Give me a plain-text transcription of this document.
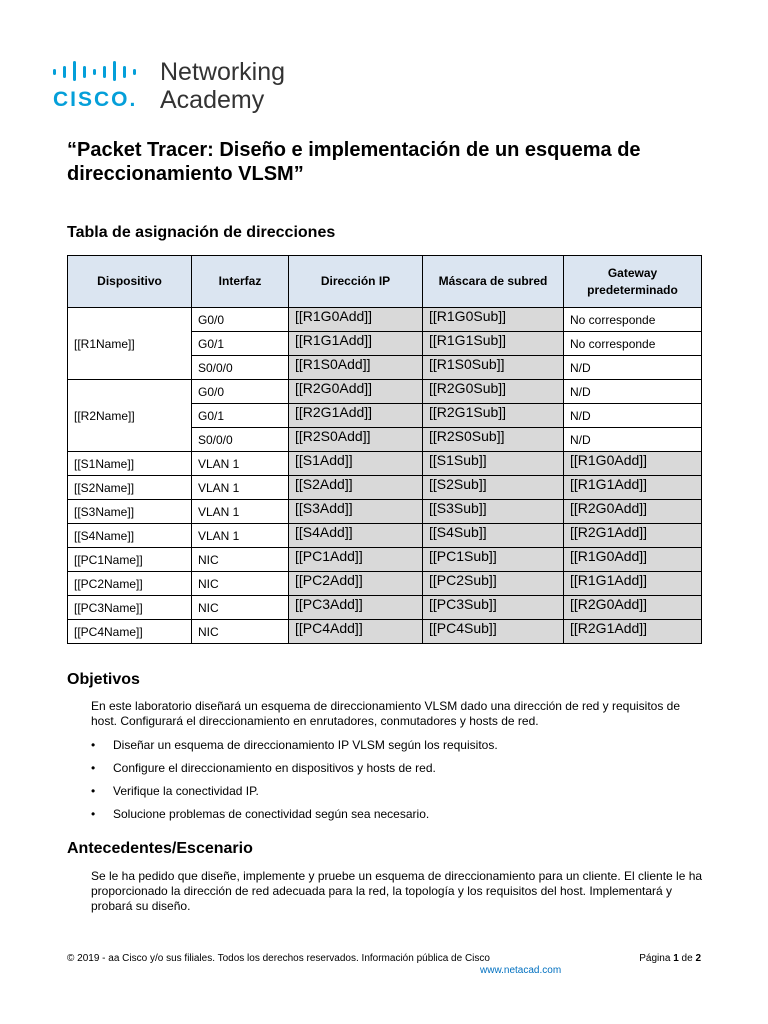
CISCO.
Networking
Academy
“Packet Tracer: Diseño e implementación de un esquema de direccionamiento VLSM”
Tabla de asignación de direcciones
Dispositivo	Interfaz	Dirección IP	Máscara de subred	Gateway predeterminado
[[R1Name]]	G0/0	[[R1G0Add]]	[[R1G0Sub]]	No corresponde
	G0/1	[[R1G1Add]]	[[R1G1Sub]]	No corresponde
	S0/0/0	[[R1S0Add]]	[[R1S0Sub]]	N/D
[[R2Name]]	G0/0	[[R2G0Add]]	[[R2G0Sub]]	N/D
	G0/1	[[R2G1Add]]	[[R2G1Sub]]	N/D
	S0/0/0	[[R2S0Add]]	[[R2S0Sub]]	N/D
[[S1Name]]	VLAN 1	[[S1Add]]	[[S1Sub]]	[[R1G0Add]]
[[S2Name]]	VLAN 1	[[S2Add]]	[[S2Sub]]	[[R1G1Add]]
[[S3Name]]	VLAN 1	[[S3Add]]	[[S3Sub]]	[[R2G0Add]]
[[S4Name]]	VLAN 1	[[S4Add]]	[[S4Sub]]	[[R2G1Add]]
[[PC1Name]]	NIC	[[PC1Add]]	[[PC1Sub]]	[[R1G0Add]]
[[PC2Name]]	NIC	[[PC2Add]]	[[PC2Sub]]	[[R1G1Add]]
[[PC3Name]]	NIC	[[PC3Add]]	[[PC3Sub]]	[[R2G0Add]]
[[PC4Name]]	NIC	[[PC4Add]]	[[PC4Sub]]	[[R2G1Add]]
Objetivos

En este laboratorio diseñará un esquema de direccionamiento VLSM dado una dirección de red y requisitos de host. Configurará el direccionamiento en enrutadores, conmutadores y hosts de red.

• Diseñar un esquema de direccionamiento IP VLSM según los requisitos.
• Configure el direccionamiento en dispositivos y hosts de red.
• Verifique la conectividad IP.
• Solucione problemas de conectividad según sea necesario.
Antecedentes/Escenario

Se le ha pedido que diseñe, implemente y pruebe un esquema de direccionamiento para un cliente. El cliente le ha proporcionado la dirección de red adecuada para la red, la topología y los requisitos del host. Implementará y probará su diseño.

© 2019 - aa Cisco y/o sus filiales. Todos los derechos reservados. Información pública de Cisco	Página 1 de 2
www.netacad.com
